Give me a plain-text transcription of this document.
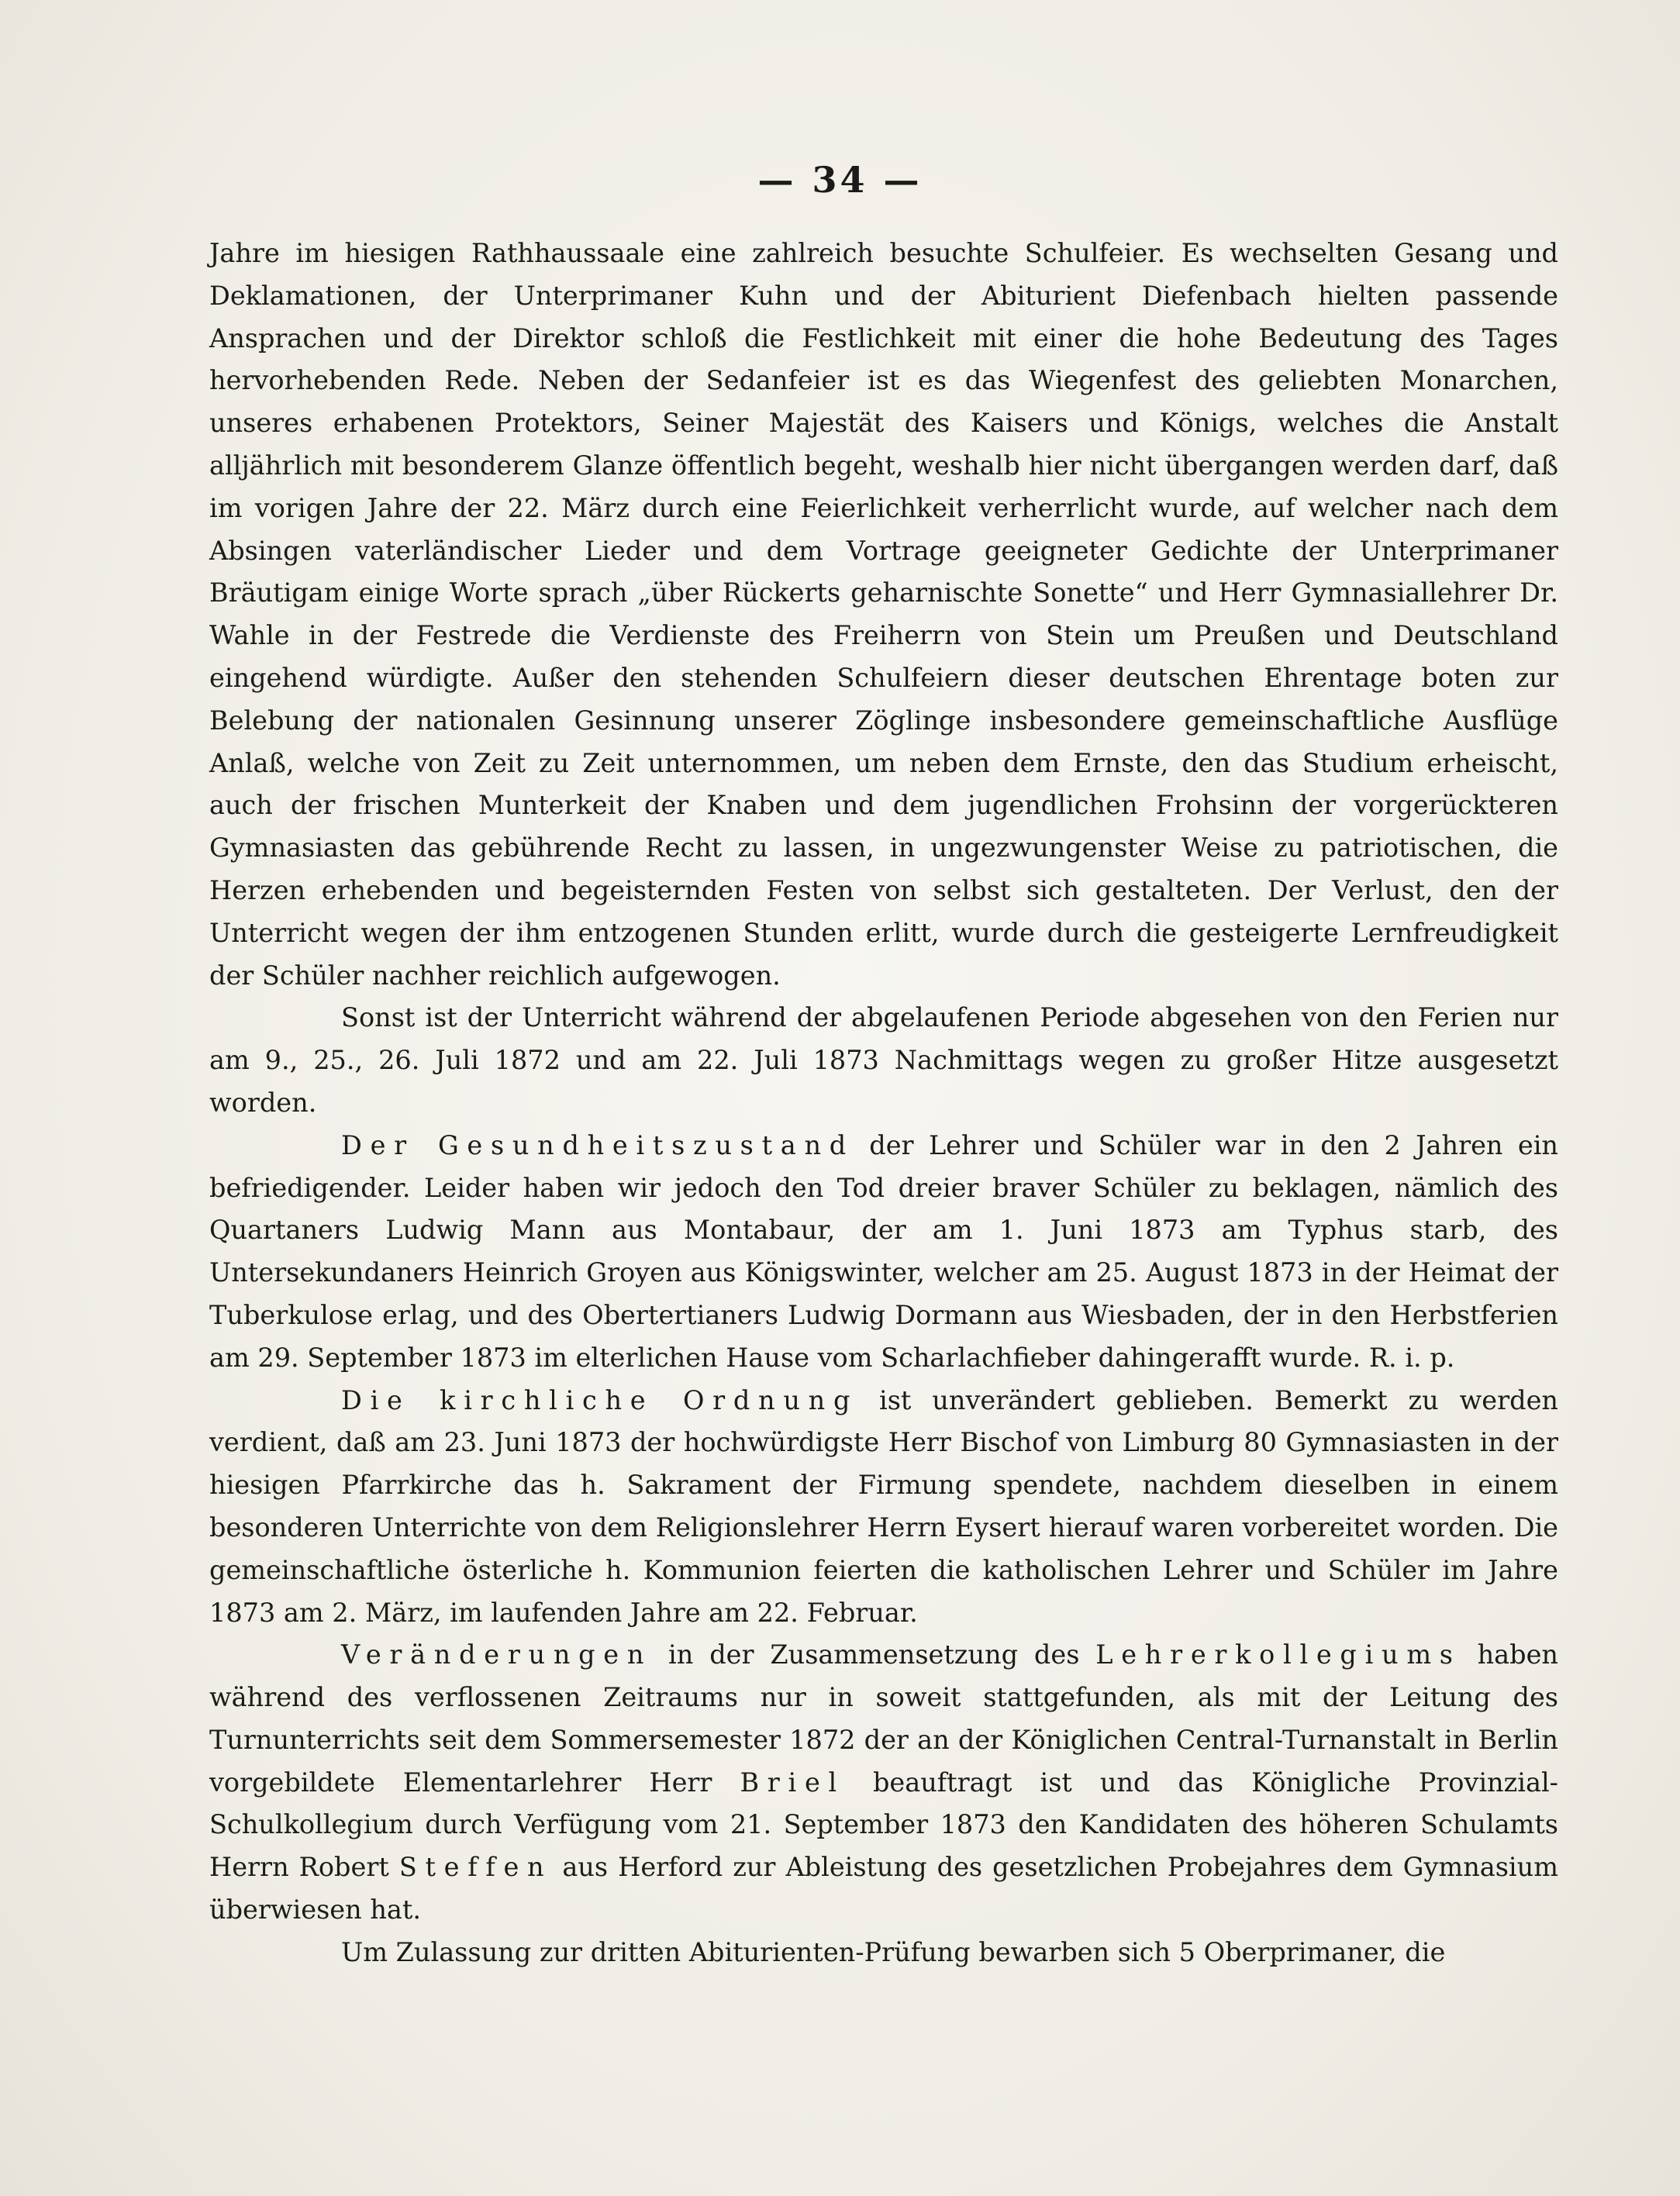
— 34 —

Jahre im hiesigen Rathhaussaale eine zahlreich besuchte Schulfeier. Es wechselten Gesang und Deklamationen, der Unterprimaner Kuhn und der Abiturient Diefenbach hielten passende Ansprachen und der Direktor schloß die Festlichkeit mit einer die hohe Bedeutung des Tages hervorhebenden Rede. Neben der Sedanfeier ist es das Wiegenfest des geliebten Monarchen, unseres erhabenen Protektors, Seiner Majestät des Kaisers und Königs, welches die Anstalt alljährlich mit besonderem Glanze öffentlich begeht, weshalb hier nicht übergangen werden darf, daß im vorigen Jahre der 22. März durch eine Feierlichkeit verherrlicht wurde, auf welcher nach dem Absingen vaterländischer Lieder und dem Vortrage geeigneter Gedichte der Unterprimaner Bräutigam einige Worte sprach „über Rückerts geharnischte Sonette“ und Herr Gymnasiallehrer Dr. Wahle in der Festrede die Verdienste des Freiherrn von Stein um Preußen und Deutschland eingehend würdigte. Außer den stehenden Schulfeiern dieser deutschen Ehrentage boten zur Belebung der nationalen Gesinnung unserer Zöglinge insbesondere gemeinschaftliche Ausflüge Anlaß, welche von Zeit zu Zeit unternommen, um neben dem Ernste, den das Studium erheischt, auch der frischen Munterkeit der Knaben und dem jugendlichen Frohsinn der vorgerückteren Gymnasiasten das gebührende Recht zu lassen, in ungezwungenster Weise zu patriotischen, die Herzen erhebenden und begeisternden Festen von selbst sich gestalteten. Der Verlust, den der Unterricht wegen der ihm entzogenen Stunden erlitt, wurde durch die gesteigerte Lernfreudigkeit der Schüler nachher reichlich aufgewogen.

Sonst ist der Unterricht während der abgelaufenen Periode abgesehen von den Ferien nur am 9., 25., 26. Juli 1872 und am 22. Juli 1873 Nachmittags wegen zu großer Hitze ausgesetzt worden.

Der Gesundheitszustand der Lehrer und Schüler war in den 2 Jahren ein befriedigender. Leider haben wir jedoch den Tod dreier braver Schüler zu beklagen, nämlich des Quartaners Ludwig Mann aus Montabaur, der am 1. Juni 1873 am Typhus starb, des Untersekundaners Heinrich Groyen aus Königswinter, welcher am 25. August 1873 in der Heimat der Tuberkulose erlag, und des Obertertianers Ludwig Dormann aus Wiesbaden, der in den Herbstferien am 29. September 1873 im elterlichen Hause vom Scharlachfieber dahingerafft wurde. R. i. p.

Die kirchliche Ordnung ist unverändert geblieben. Bemerkt zu werden verdient, daß am 23. Juni 1873 der hochwürdigste Herr Bischof von Limburg 80 Gymnasiasten in der hiesigen Pfarrkirche das h. Sakrament der Firmung spendete, nachdem dieselben in einem besonderen Unterrichte von dem Religionslehrer Herrn Eysert hierauf waren vorbereitet worden. Die gemeinschaftliche österliche h. Kommunion feierten die katholischen Lehrer und Schüler im Jahre 1873 am 2. März, im laufenden Jahre am 22. Februar.

Veränderungen in der Zusammensetzung des Lehrerkollegiums haben während des verflossenen Zeitraums nur in soweit stattgefunden, als mit der Leitung des Turnunterrichts seit dem Sommersemester 1872 der an der Königlichen Central-Turnanstalt in Berlin vorgebildete Elementarlehrer Herr Briel beauftragt ist und das Königliche Provinzial-Schulkollegium durch Verfügung vom 21. September 1873 den Kandidaten des höheren Schulamts Herrn Robert Steffen aus Herford zur Ableistung des gesetzlichen Probejahres dem Gymnasium überwiesen hat.

Um Zulassung zur dritten Abiturienten-Prüfung bewarben sich 5 Oberprimaner, die
